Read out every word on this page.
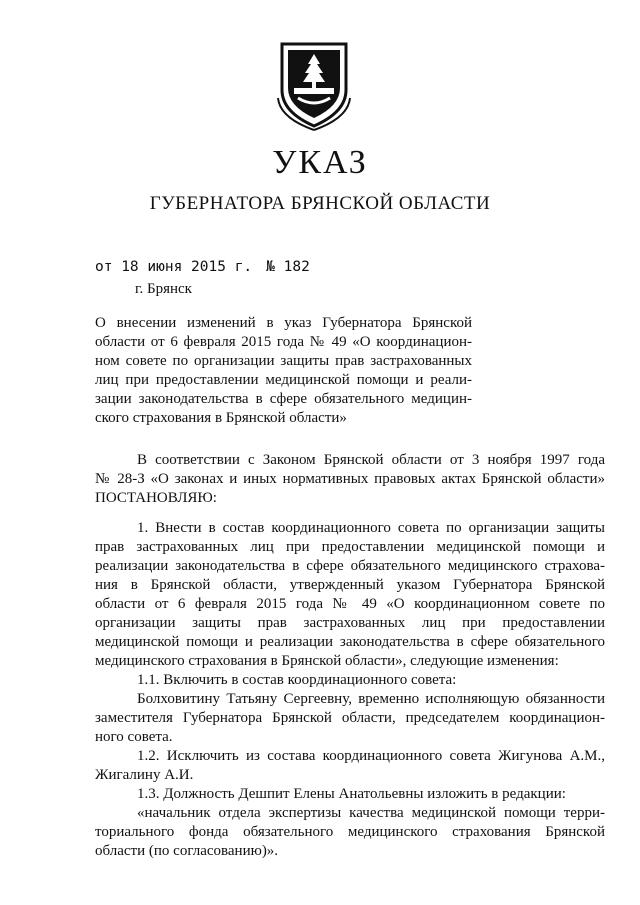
УКАЗ
ГУБЕРНАТОРА БРЯНСКОЙ ОБЛАСТИ
от 18 июня 2015 г. № 182
г. Брянск
О внесении изменений в указ Губернатора Брянской
области от 6 февраля 2015 года № 49 «О координацион-
ном совете по организации защиты прав застрахованных
лиц при предоставлении медицинской помощи и реали-
зации законодательства в сфере обязательного медицин-
ского страхования в Брянской области»
В соответствии с Законом Брянской области от 3 ноября 1997 года
№ 28-З «О законах и иных нормативных правовых актах Брянской области»
ПОСТАНОВЛЯЮ:
1. Внести в состав координационного совета по организации защиты
прав застрахованных лиц при предоставлении медицинской помощи и
реализации законодательства в сфере обязательного медицинского страхова-
ния в Брянской области, утвержденный указом Губернатора Брянской
области от 6 февраля 2015 года № 49 «О координационном совете по
организации защиты прав застрахованных лиц при предоставлении
медицинской помощи и реализации законодательства в сфере обязательного
медицинского страхования в Брянской области», следующие изменения:
1.1. Включить в состав координационного совета:
Болховитину Татьяну Сергеевну, временно исполняющую обязанности
заместителя Губернатора Брянской области, председателем координацион-
ного совета.
1.2. Исключить из состава координационного совета Жигунова А.М.,
Жигалину А.И.
1.3. Должность Дешпит Елены Анатольевны изложить в редакции:
«начальник отдела экспертизы качества медицинской помощи терри-
ториального фонда обязательного медицинского страхования Брянской
области (по согласованию)».
